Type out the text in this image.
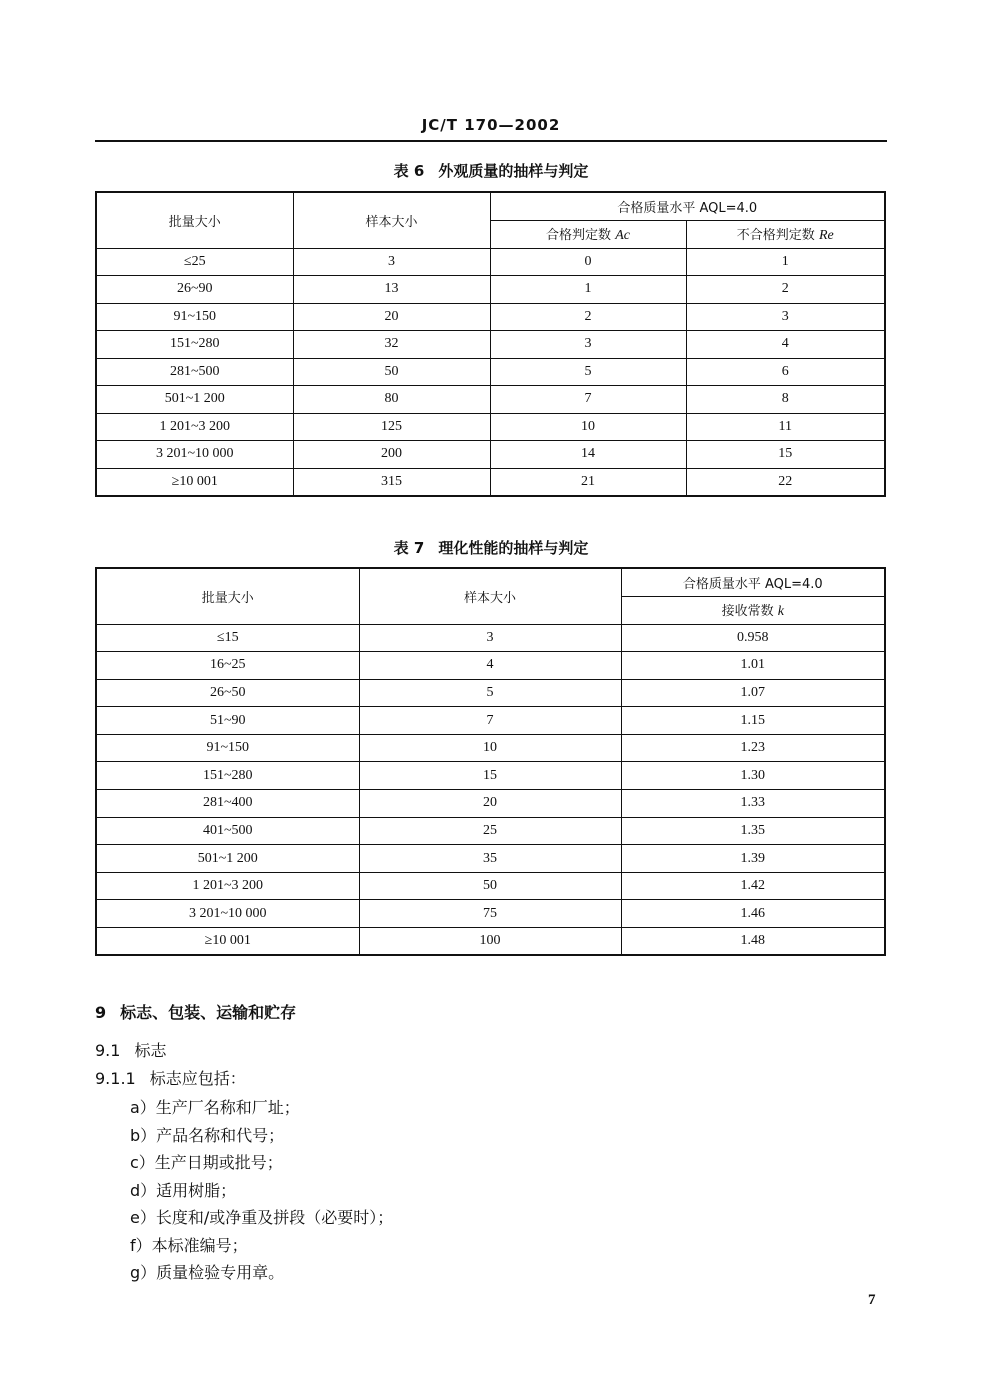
JC/T 170—2002
表 6 外观质量的抽样与判定
批量大小	样本大小	合格质量水平 AQL=4.0	
		合格判定数 Ac	不合格判定数 Re
≤25	3	0	1
26~90	13	1	2
91~150	20	2	3
151~280	32	3	4
281~500	50	5	6
501~1 200	80	7	8
1 201~3 200	125	10	11
3 201~10 000	200	14	15
≥10 001	315	21	22
表 7 理化性能的抽样与判定
批量大小	样本大小	合格质量水平 AQL=4.0
		接收常数 k
≤15	3	0.958
16~25	4	1.01
26~50	5	1.07
51~90	7	1.15
91~150	10	1.23
151~280	15	1.30
281~400	20	1.33
401~500	25	1.35
501~1 200	35	1.39
1 201~3 200	50	1.42
3 201~10 000	75	1.46
≥10 001	100	1.48
9 标志、包装、运输和贮存
9.1 标志
9.1.1 标志应包括：
a）生产厂名称和厂址；
b）产品名称和代号；
c）生产日期或批号；
d）适用树脂；
e）长度和/或净重及拼段（必要时）；
f）本标准编号；
g）质量检验专用章。
7
